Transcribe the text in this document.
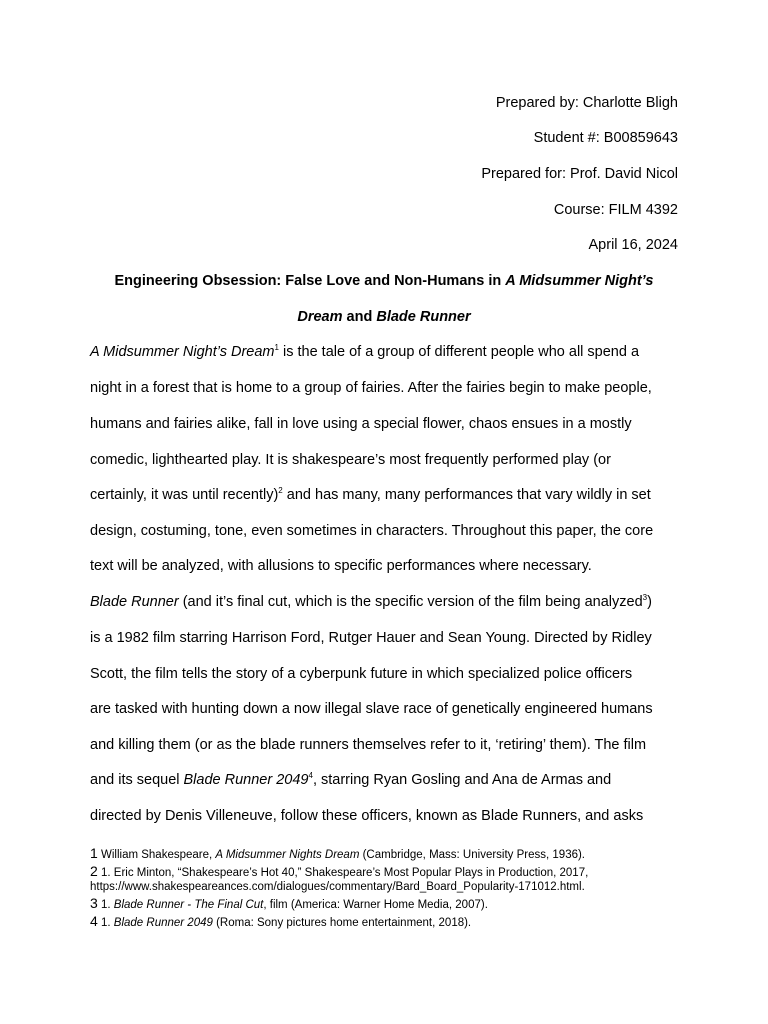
Prepared by: Charlotte Bligh
Student #: B00859643
Prepared for: Prof. David Nicol
Course: FILM 4392
April 16, 2024
Engineering Obsession: False Love and Non-Humans in A Midsummer Night’s
Dream and Blade Runner
A Midsummer Night’s Dream$^1$ is the tale of a group of different people who all spend a
night in a forest that is home to a group of fairies. After the fairies begin to make people,
humans and fairies alike, fall in love using a special flower, chaos ensues in a mostly
comedic, lighthearted play. It is shakespeare’s most frequently performed play (or
certainly, it was until recently)$^2$ and has many, many performances that vary wildly in set
design, costuming, tone, even sometimes in characters. Throughout this paper, the core
text will be analyzed, with allusions to specific performances where necessary.
Blade Runner (and it’s final cut, which is the specific version of the film being analyzed$^3$)
is a 1982 film starring Harrison Ford, Rutger Hauer and Sean Young. Directed by Ridley
Scott, the film tells the story of a cyberpunk future in which specialized police officers
are tasked with hunting down a now illegal slave race of genetically engineered humans
and killing them (or as the blade runners themselves refer to it, ‘retiring’ them). The film
and its sequel Blade Runner 2049$^4$, starring Ryan Gosling and Ana de Armas and
directed by Denis Villeneuve, follow these officers, known as Blade Runners, and asks
1 William Shakespeare, A Midsummer Nights Dream (Cambridge, Mass: University Press, 1936).
2 1. Eric Minton, “Shakespeare’s Hot 40,” Shakespeare’s Most Popular Plays in Production, 2017,
https://www.shakespeareances.com/dialogues/commentary/Bard_Board_Popularity-171012.html.
3 1. Blade Runner - The Final Cut, film (America: Warner Home Media, 2007).
4 1. Blade Runner 2049 (Roma: Sony pictures home entertainment, 2018).
